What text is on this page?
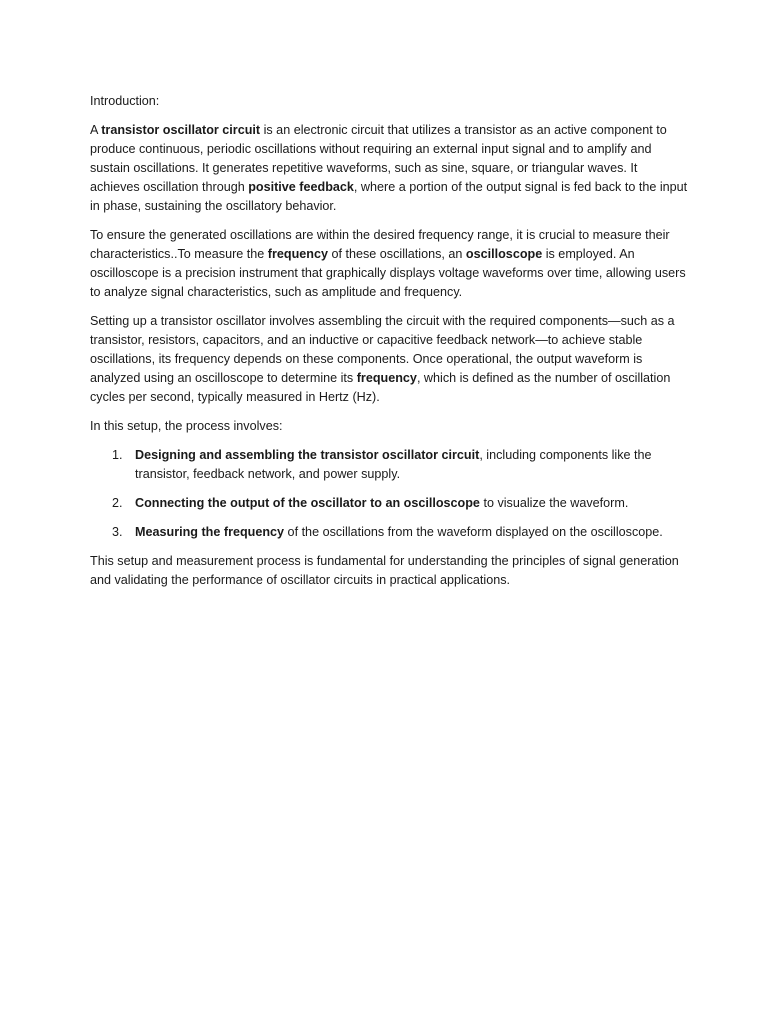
Introduction:

A transistor oscillator circuit is an electronic circuit that utilizes a transistor as an active component to produce continuous, periodic oscillations without requiring an external input signal and to amplify and sustain oscillations. It generates repetitive waveforms, such as sine, square, or triangular waves. It achieves oscillation through positive feedback, where a portion of the output signal is fed back to the input in phase, sustaining the oscillatory behavior.

To ensure the generated oscillations are within the desired frequency range, it is crucial to measure their characteristics..To measure the frequency of these oscillations, an oscilloscope is employed. An oscilloscope is a precision instrument that graphically displays voltage waveforms over time, allowing users to analyze signal characteristics, such as amplitude and frequency.

Setting up a transistor oscillator involves assembling the circuit with the required components—such as a transistor, resistors, capacitors, and an inductive or capacitive feedback network—to achieve stable oscillations, its frequency depends on these components. Once operational, the output waveform is analyzed using an oscilloscope to determine its frequency, which is defined as the number of oscillation cycles per second, typically measured in Hertz (Hz).

In this setup, the process involves:

1. Designing and assembling the transistor oscillator circuit, including components like the transistor, feedback network, and power supply.
2. Connecting the output of the oscillator to an oscilloscope to visualize the waveform.
3. Measuring the frequency of the oscillations from the waveform displayed on the oscilloscope.

This setup and measurement process is fundamental for understanding the principles of signal generation and validating the performance of oscillator circuits in practical applications.
